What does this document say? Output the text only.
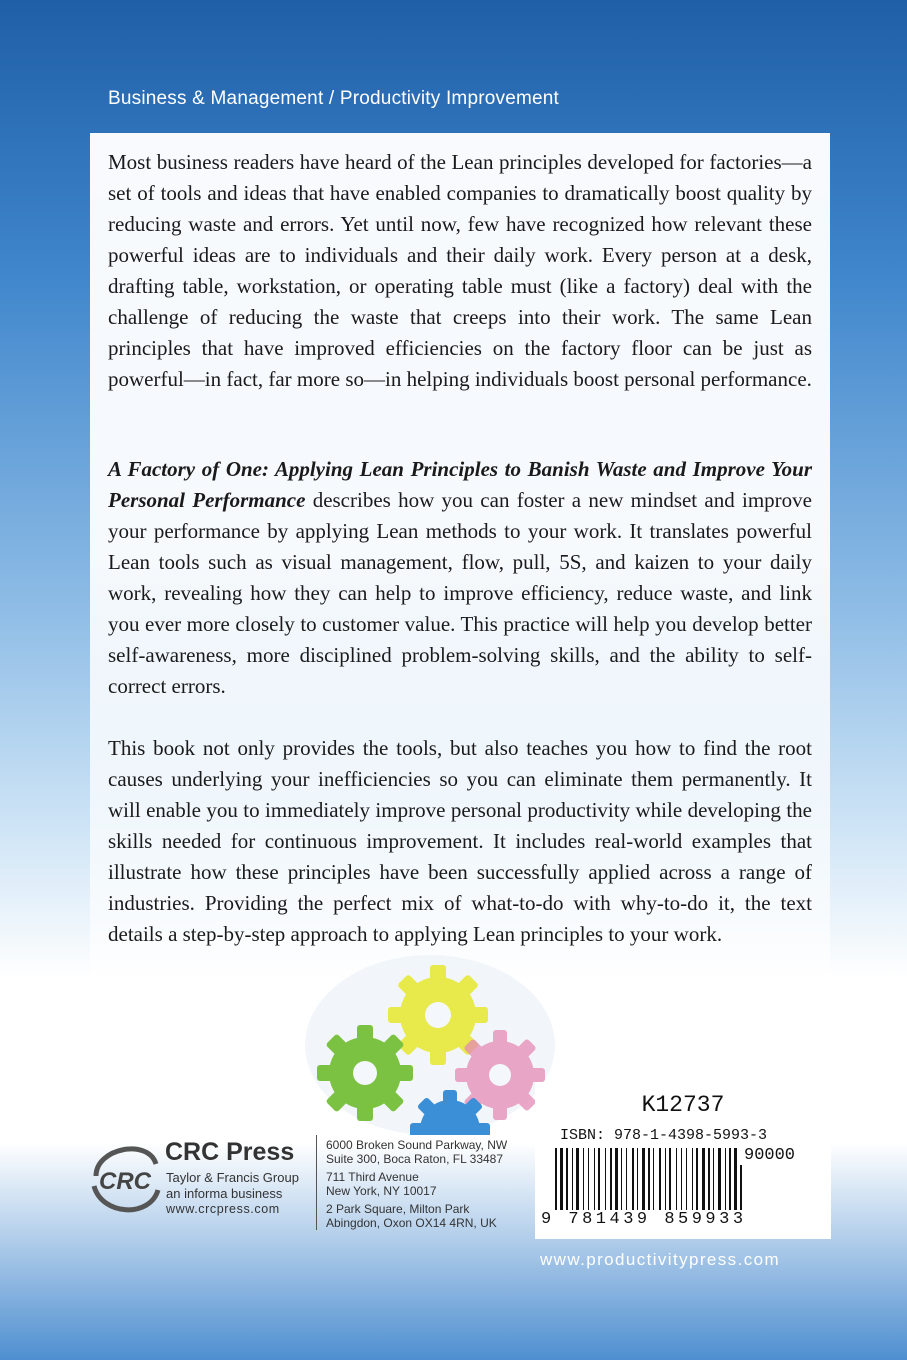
Business & Management / Productivity Improvement

Most business readers have heard of the Lean principles developed for factories—a set of tools and ideas that have enabled companies to dramatically boost quality by reducing waste and errors. Yet until now, few have recognized how relevant these powerful ideas are to individuals and their daily work. Every person at a desk, drafting table, workstation, or operating table must (like a factory) deal with the challenge of reducing the waste that creeps into their work. The same Lean principles that have improved efficiencies on the factory floor can be just as powerful—in fact, far more so—in helping individuals boost personal performance.

A Factory of One: Applying Lean Principles to Banish Waste and Improve Your Personal Performance describes how you can foster a new mindset and improve your performance by applying Lean methods to your work. It translates powerful Lean tools such as visual management, flow, pull, 5S, and kaizen to your daily work, revealing how they can help to improve efficiency, reduce waste, and link you ever more closely to customer value. This practice will help you develop better self-awareness, more disciplined problem-solving skills, and the ability to self-correct errors.

This book not only provides the tools, but also teaches you how to find the root causes underlying your inefficiencies so you can eliminate them permanently. It will enable you to immediately improve personal productivity while developing the skills needed for continuous improvement. It includes real-world examples that illustrate how these principles have been successfully applied across a range of industries. Providing the perfect mix of what-to-do with why-to-do it, the text details a step-by-step approach to applying Lean principles to your work.

CRC
CRC Press
Taylor & Francis Group
an informa business
www.crcpress.com

6000 Broken Sound Parkway, NW

Suite 300, Boca Raton, FL 33487

711 Third Avenue

New York, NY 10017

2 Park Square, Milton Park

Abingdon, Oxon OX14 4RN, UK

K12737

ISBN: 978-1-4398-5993-3

90000

9 781439 859933

www.productivitypress.com
